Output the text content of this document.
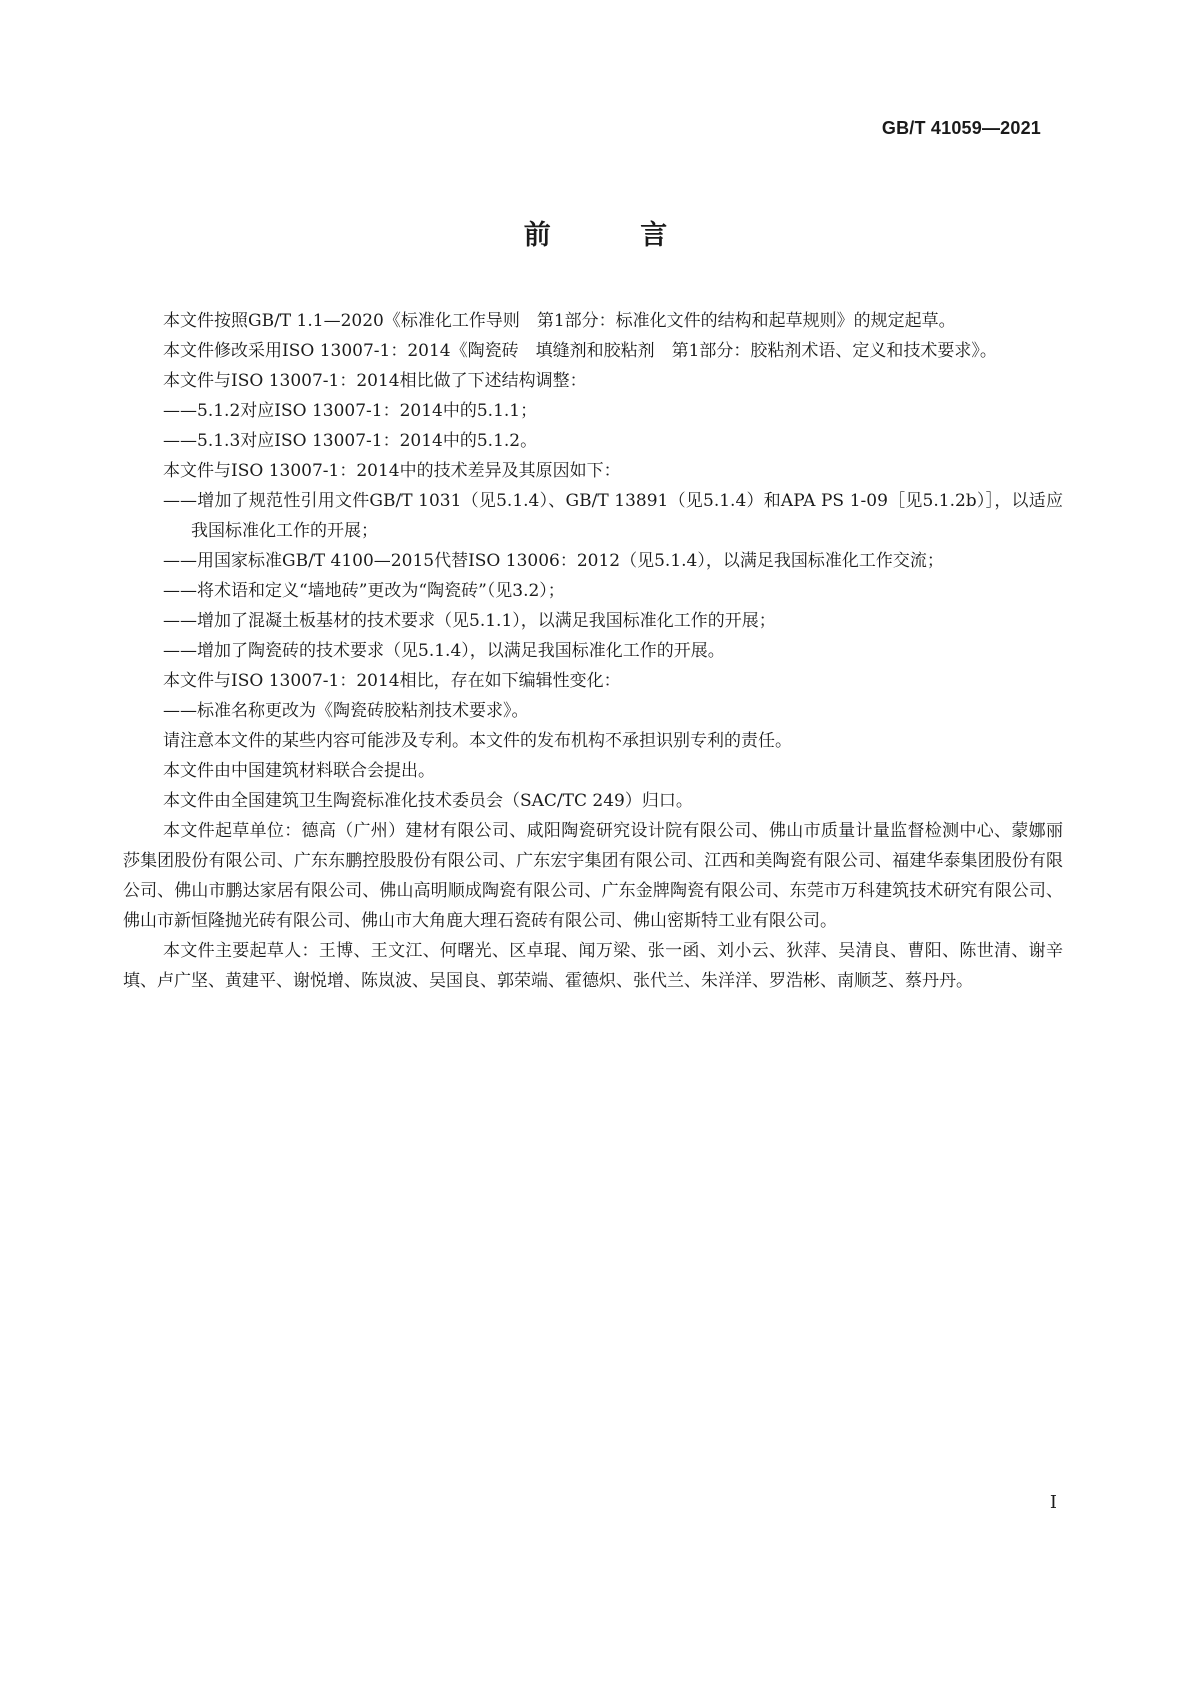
GB/T 41059—2021
前 言

本文件按照GB/T 1.1—2020《标准化工作导则　第1部分：标准化文件的结构和起草规则》的规定起草。

本文件修改采用ISO 13007-1：2014《陶瓷砖　填缝剂和胶粘剂　第1部分：胶粘剂术语、定义和技术要求》。

本文件与ISO 13007-1：2014相比做了下述结构调整：

——5.1.2对应ISO 13007-1：2014中的5.1.1；

——5.1.3对应ISO 13007-1：2014中的5.1.2。

本文件与ISO 13007-1：2014中的技术差异及其原因如下：

——增加了规范性引用文件GB/T 1031（见5.1.4）、GB/T 13891（见5.1.4）和APA PS 1-09［见5.1.2b）］，以适应我国标准化工作的开展；

——用国家标准GB/T 4100—2015代替ISO 13006：2012（见5.1.4），以满足我国标准化工作交流；

——将术语和定义“墙地砖”更改为“陶瓷砖”（见3.2）；

——增加了混凝土板基材的技术要求（见5.1.1），以满足我国标准化工作的开展；

——增加了陶瓷砖的技术要求（见5.1.4），以满足我国标准化工作的开展。

本文件与ISO 13007-1：2014相比，存在如下编辑性变化：

——标准名称更改为《陶瓷砖胶粘剂技术要求》。

请注意本文件的某些内容可能涉及专利。本文件的发布机构不承担识别专利的责任。

本文件由中国建筑材料联合会提出。

本文件由全国建筑卫生陶瓷标准化技术委员会（SAC/TC 249）归口。

本文件起草单位：德高（广州）建材有限公司、咸阳陶瓷研究设计院有限公司、佛山市质量计量监督检测中心、蒙娜丽莎集团股份有限公司、广东东鹏控股股份有限公司、广东宏宇集团有限公司、江西和美陶瓷有限公司、福建华泰集团股份有限公司、佛山市鹏达家居有限公司、佛山高明顺成陶瓷有限公司、广东金牌陶瓷有限公司、东莞市万科建筑技术研究有限公司、佛山市新恒隆抛光砖有限公司、佛山市大角鹿大理石瓷砖有限公司、佛山密斯特工业有限公司。

本文件主要起草人：王博、王文江、何曙光、区卓琨、闻万梁、张一函、刘小云、狄萍、吴清良、曹阳、陈世清、谢辛填、卢广坚、黄建平、谢悦增、陈岚波、吴国良、郭荣端、霍德炽、张代兰、朱洋洋、罗浩彬、南顺芝、蔡丹丹。

I
